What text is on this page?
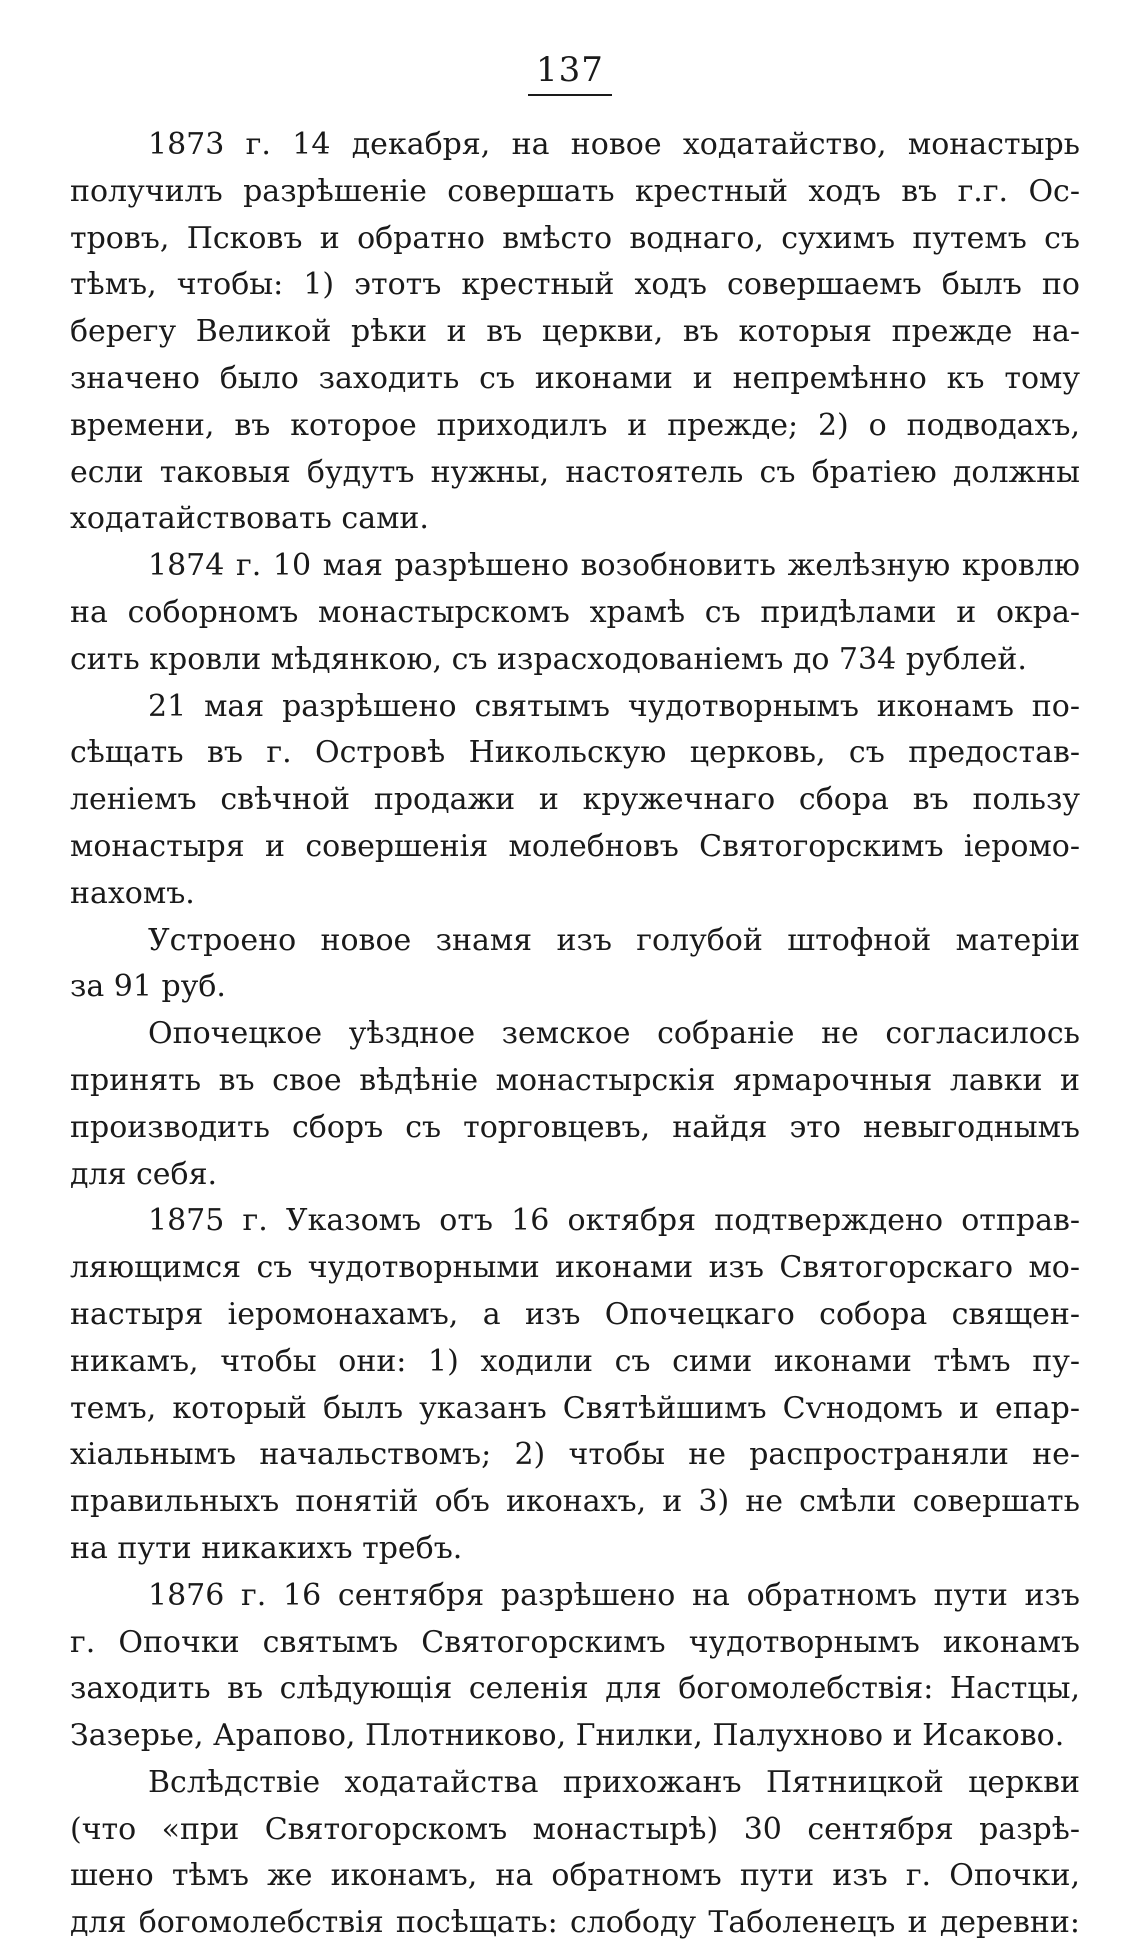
137
1873 г. 14 декабря, на новое ходатайство, монастырь
получилъ разрѣшеніе совершать крестный ходъ въ г.г. Ос-
тровъ, Псковъ и обратно вмѣсто воднаго, сухимъ путемъ съ
тѣмъ, чтобы: 1) этотъ крестный ходъ совершаемъ былъ по
берегу Великой рѣки и въ церкви, въ которыя прежде на-
значено было заходить съ иконами и непремѣнно къ тому
времени, въ которое приходилъ и прежде; 2) о подводахъ,
если таковыя будутъ нужны, настоятель съ братіею должны
ходатайствовать сами.
1874 г. 10 мая разрѣшено возобновить желѣзную кровлю
на соборномъ монастырскомъ храмѣ съ придѣлами и окра-
сить кровли мѣдянкою, съ израсходованіемъ до 734 рублей.
21 мая разрѣшено святымъ чудотворнымъ иконамъ по-
сѣщать въ г. Островѣ Никольскую церковь, съ предостав-
леніемъ свѣчной продажи и кружечнаго сбора въ пользу
монастыря и совершенія молебновъ Святогорскимъ іеромо-
нахомъ.
Устроено новое знамя изъ голубой штофной матеріи
за 91 руб.
Опочецкое уѣздное земское собраніе не согласилось
принять въ свое вѣдѣніе монастырскія ярмарочныя лавки и
производить сборъ съ торговцевъ, найдя это невыгоднымъ
для себя.
1875 г. Указомъ отъ 16 октября подтверждено отправ-
ляющимся съ чудотворными иконами изъ Святогорскаго мо-
настыря іеромонахамъ, а изъ Опочецкаго собора священ-
никамъ, чтобы они: 1) ходили съ сими иконами тѣмъ пу-
темъ, который былъ указанъ Святѣйшимъ Сѵнодомъ и епар-
хіальнымъ начальствомъ; 2) чтобы не распространяли не-
правильныхъ понятій объ иконахъ, и 3) не смѣли совершать
на пути никакихъ требъ.
1876 г. 16 сентября разрѣшено на обратномъ пути изъ
г. Опочки святымъ Святогорскимъ чудотворнымъ иконамъ
заходить въ слѣдующія селенія для богомолебствія: Настцы,
Зазерье, Арапово, Плотниково, Гнилки, Палухново и Исаково.
Вслѣдствіе ходатайства прихожанъ Пятницкой церкви
(что «при Святогорскомъ монастырѣ) 30 сентября разрѣ-
шено тѣмъ же иконамъ, на обратномъ пути изъ г. Опочки,
для богомолебствія посѣщать: слободу Таболенецъ и деревни:
